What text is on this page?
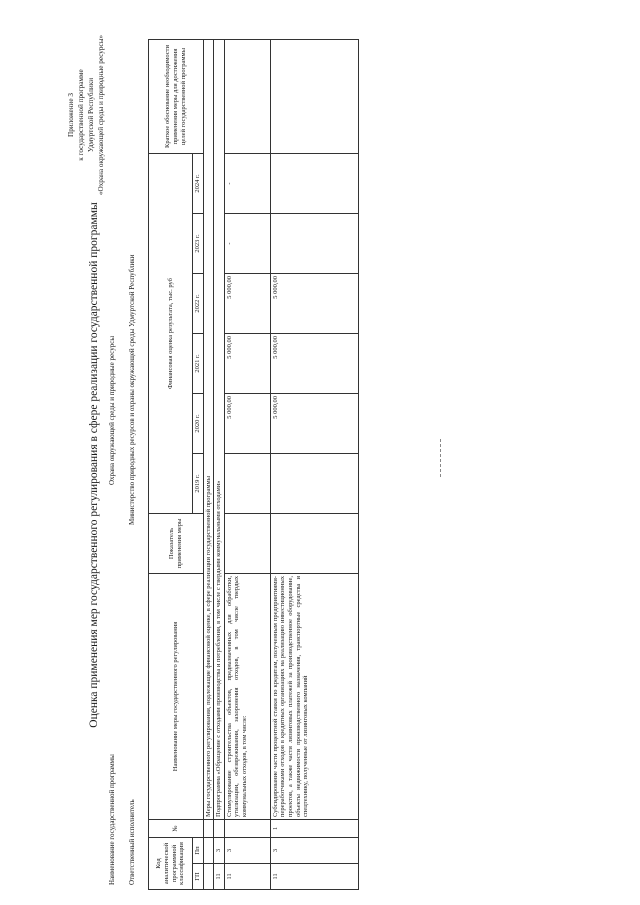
Приложение 3 к государственной программе Удмуртской Республики «Охрана окружающей среды и природные ресурсы»
Оценка применения мер государственного регулирования в сфере реализации государственной программы
Наименование государственной программы
Охрана окружающей среды и природные ресурсы
Ответственный исполнитель
Министерство природных ресурсов и охраны окружающей среды Удмуртской Республики
Код аналитической программной классификации		№	Наименование меры государственного регулирования	Показатель применения меры	Финансовая оценка результата, тыс. руб						Краткое обоснование необходимости применения меры для достижения целей государственной программы
ГП	Пп				2019 г.	2020 г.	2021 г.	2022 г.	2023 г.	2024 г.	
			Меры государственного регулирования, подлежащие финансовой оценке, в сфере реализации государственной программы								
11	3		Подпрограмма «Обращение с отходами производства и потребления, в том числе с твердыми коммунальными отходами»								
11	3		Стимулирование строительства объектов, предназначенных для обработки, утилизации, обезвреживания, захоронения отходов, в том числе твердых коммунальных отходов, в том числе:			5 000,00	5 000,00	5 000,00	-	-	
11	3	1	Субсидирование части процентной ставки по кредитам, полученным предприятиями- переработчиками отходов в кредитных организациях на реализацию инвестиционных проектов, а также части лизинговых платежей за производственное оборудование, объекты недвижимости производственного назначения, транспортные средства и спецтехнику, полученные от лизинговых компаний			5 000,00	5 000,00	5 000,00			
